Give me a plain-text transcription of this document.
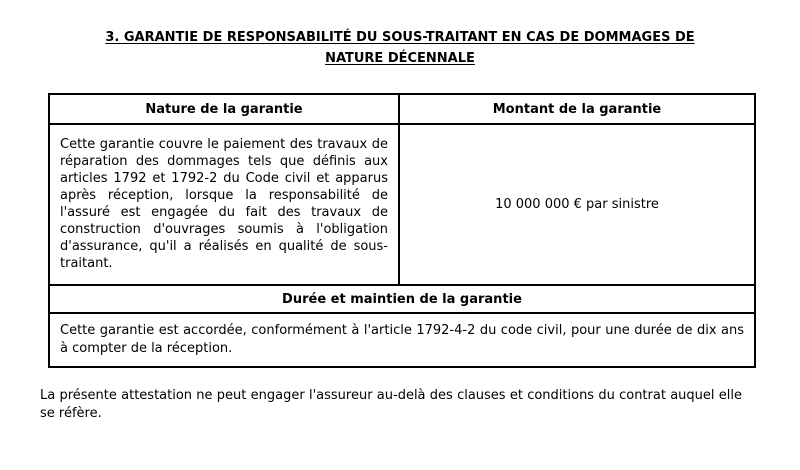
3. GARANTIE DE RESPONSABILITÉ DU SOUS-TRAITANT EN CAS DE DOMMAGES DE
NATURE DÉCENNALE
Nature de la garantie	Montant de la garantie
Cette garantie couvre le paiement des travaux de réparation des dommages tels que définis aux articles 1792 et 1792-2 du Code civil et apparus après réception, lorsque la responsabilité de l'assuré est engagée du fait des travaux de construction d'ouvrages soumis à l'obligation d'assurance, qu'il a réalisés en qualité de sous-traitant.	10 000 000 € par sinistre
Durée et maintien de la garantie	
Cette garantie est accordée, conformément à l'article 1792-4-2 du code civil, pour une durée de dix ans à compter de la réception.	

La présente attestation ne peut engager l'assureur au-delà des clauses et conditions du contrat auquel elle se réfère.
